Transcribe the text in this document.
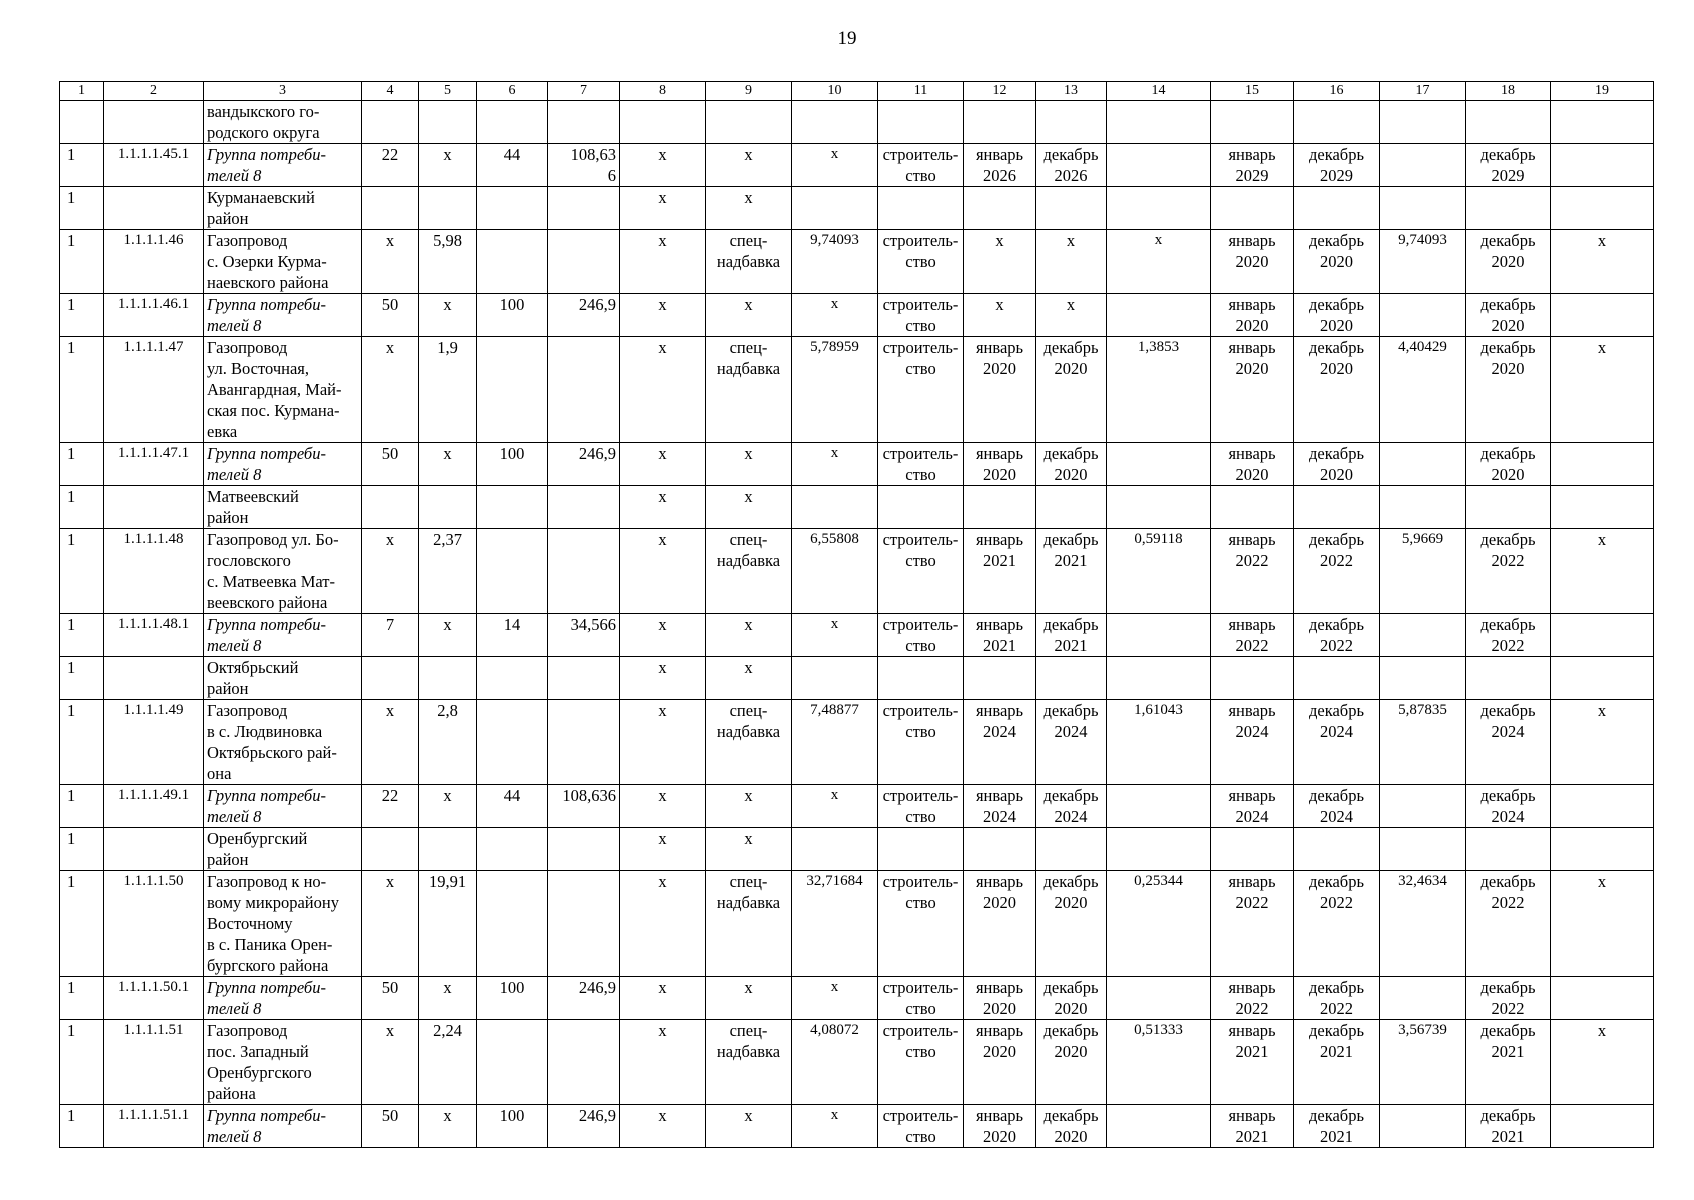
19
1	2	3	4	5	6	7	8	9	10	11	12	13	14	15	16	17	18	19
		вандыкского го-
родского округа																
1	1.1.1.1.45.1	Группа потреби-
телей 8	22	х	44	108,63
6	х	х	х	строитель-
ство	январь
2026	декабрь
2026		январь
2029	декабрь
2029		декабрь
2029	
1		Курманаевский
район					х	х										
1	1.1.1.1.46	Газопровод
с. Озерки Курма-
наевского района	х	5,98			х	спец-
надбавка	9,74093	строитель-
ство	х	х	х	январь
2020	декабрь
2020	9,74093	декабрь
2020	х
1	1.1.1.1.46.1	Группа потреби-
телей 8	50	х	100	246,9	х	х	х	строитель-
ство	х	х		январь
2020	декабрь
2020		декабрь
2020	
1	1.1.1.1.47	Газопровод
ул. Восточная,
Авангардная, Май-
ская пос. Курмана-
евка	х	1,9			х	спец-
надбавка	5,78959	строитель-
ство	январь
2020	декабрь
2020	1,3853	январь
2020	декабрь
2020	4,40429	декабрь
2020	х
1	1.1.1.1.47.1	Группа потреби-
телей 8	50	х	100	246,9	х	х	х	строитель-
ство	январь
2020	декабрь
2020		январь
2020	декабрь
2020		декабрь
2020	
1		Матвеевский
район					х	х										
1	1.1.1.1.48	Газопровод ул. Бо-
гословского
с. Матвеевка Мат-
веевского района	х	2,37			х	спец-
надбавка	6,55808	строитель-
ство	январь
2021	декабрь
2021	0,59118	январь
2022	декабрь
2022	5,9669	декабрь
2022	х
1	1.1.1.1.48.1	Группа потреби-
телей 8	7	х	14	34,566	х	х	х	строитель-
ство	январь
2021	декабрь
2021		январь
2022	декабрь
2022		декабрь
2022	
1		Октябрьский
район					х	х										
1	1.1.1.1.49	Газопровод
в с. Людвиновка
Октябрьского рай-
она	х	2,8			х	спец-
надбавка	7,48877	строитель-
ство	январь
2024	декабрь
2024	1,61043	январь
2024	декабрь
2024	5,87835	декабрь
2024	х
1	1.1.1.1.49.1	Группа потреби-
телей 8	22	х	44	108,636	х	х	х	строитель-
ство	январь
2024	декабрь
2024		январь
2024	декабрь
2024		декабрь
2024	
1		Оренбургский
район					х	х										
1	1.1.1.1.50	Газопровод к но-
вому микрорайону
Восточному
в с. Паника Орен-
бургского района	х	19,91			х	спец-
надбавка	32,71684	строитель-
ство	январь
2020	декабрь
2020	0,25344	январь
2022	декабрь
2022	32,4634	декабрь
2022	х
1	1.1.1.1.50.1	Группа потреби-
телей 8	50	х	100	246,9	х	х	х	строитель-
ство	январь
2020	декабрь
2020		январь
2022	декабрь
2022		декабрь
2022	
1	1.1.1.1.51	Газопровод
пос. Западный
Оренбургского
района	х	2,24			х	спец-
надбавка	4,08072	строитель-
ство	январь
2020	декабрь
2020	0,51333	январь
2021	декабрь
2021	3,56739	декабрь
2021	х
1	1.1.1.1.51.1	Группа потреби-
телей 8	50	х	100	246,9	х	х	х	строитель-
ство	январь
2020	декабрь
2020		январь
2021	декабрь
2021		декабрь
2021	
